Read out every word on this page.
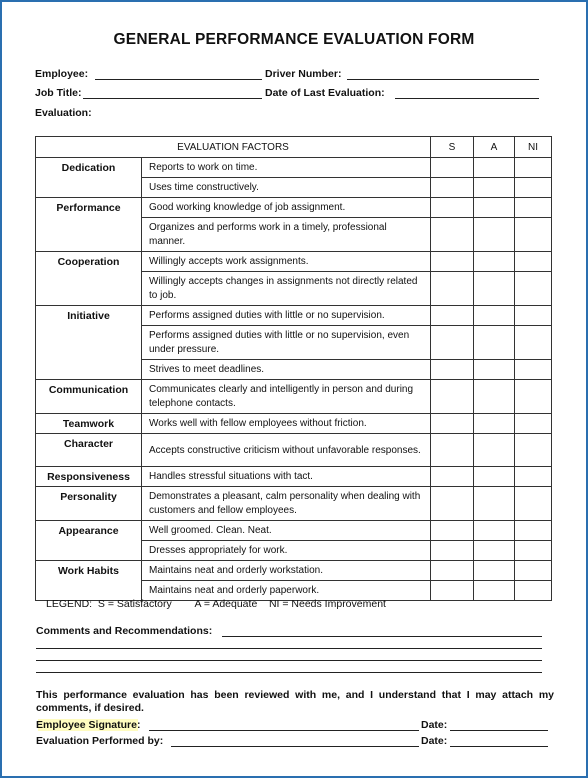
GENERAL PERFORMANCE EVALUATION FORM
Employee:	Driver Number:
Job Title:	Date of Last Evaluation:
Evaluation:
EVALUATION FACTORS		S	A	NI
Dedication	Reports to work on time.			
	Uses time constructively.			
Performance	Good working knowledge of job assignment.			
	Organizes and performs work in a timely, professional manner.			
Cooperation	Willingly accepts work assignments.			
	Willingly accepts changes in assignments not directly related to job.			
Initiative	Performs assigned duties with little or no supervision.			
	Performs assigned duties with little or no supervision, even under pressure.			
	Strives to meet deadlines.			
Communication	Communicates clearly and intelligently in person and during telephone contacts.			
Teamwork	Works well with fellow employees without friction.			
Character	Accepts constructive criticism without unfavorable responses.			
Responsiveness	Handles stressful situations with tact.			
Personality	Demonstrates a pleasant, calm personality when dealing with customers and fellow employees.			
Appearance	Well groomed. Clean. Neat.			
	Dresses appropriately for work.			
Work Habits	Maintains neat and orderly workstation.			
	Maintains neat and orderly paperwork.			
LEGEND:  S = Satisfactory        A = Adequate    NI = Needs Improvement
Comments and Recommendations:
This performance evaluation has been reviewed with me, and I understand that I may attach my comments, if desired.
Employee Signature:	Date:
Evaluation Performed by:	Date:
